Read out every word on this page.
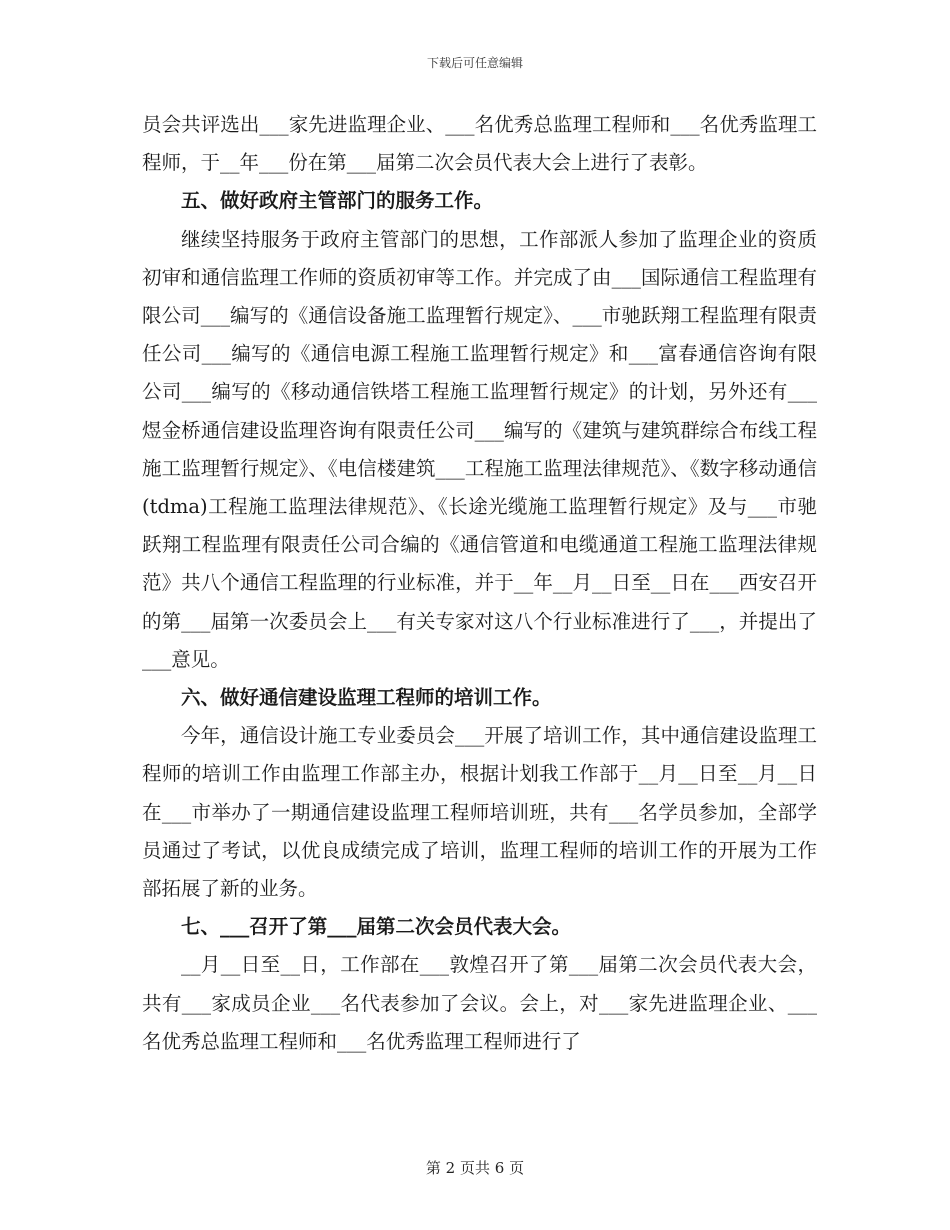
下载后可任意编辑

员会共评选出___家先进监理企业、___名优秀总监理工程师和___名优秀监理工程师，于__年___份在第___届第二次会员代表大会上进行了表彰。

五、做好政府主管部门的服务工作。

继续坚持服务于政府主管部门的思想，工作部派人参加了监理企业的资质初审和通信监理工作师的资质初审等工作。并完成了由___国际通信工程监理有限公司___编写的《通信设备施工监理暂行规定》、___市驰跃翔工程监理有限责任公司___编写的《通信电源工程施工监理暂行规定》和___富春通信咨询有限公司___编写的《移动通信铁塔工程施工监理暂行规定》的计划，另外还有___煜金桥通信建设监理咨询有限责任公司___编写的《建筑与建筑群综合布线工程施工监理暂行规定》、《电信楼建筑___工程施工监理法律规范》、《数字移动通信(tdma)工程施工监理法律规范》、《长途光缆施工监理暂行规定》及与___市驰跃翔工程监理有限责任公司合编的《通信管道和电缆通道工程施工监理法律规范》共八个通信工程监理的行业标准，并于__年__月__日至__日在___西安召开的第___届第一次委员会上___有关专家对这八个行业标准进行了___，并提出了___意见。

六、做好通信建设监理工程师的培训工作。

今年，通信设计施工专业委员会___开展了培训工作，其中通信建设监理工程师的培训工作由监理工作部主办，根据计划我工作部于__月__日至__月__日在___市举办了一期通信建设监理工程师培训班，共有___名学员参加，全部学员通过了考试，以优良成绩完成了培训，监理工程师的培训工作的开展为工作部拓展了新的业务。

七、___召开了第___届第二次会员代表大会。

__月__日至__日，工作部在___敦煌召开了第___届第二次会员代表大会，共有___家成员企业___名代表参加了会议。会上，对___家先进监理企业、___名优秀总监理工程师和___名优秀监理工程师进行了

第 2 页共 6 页
